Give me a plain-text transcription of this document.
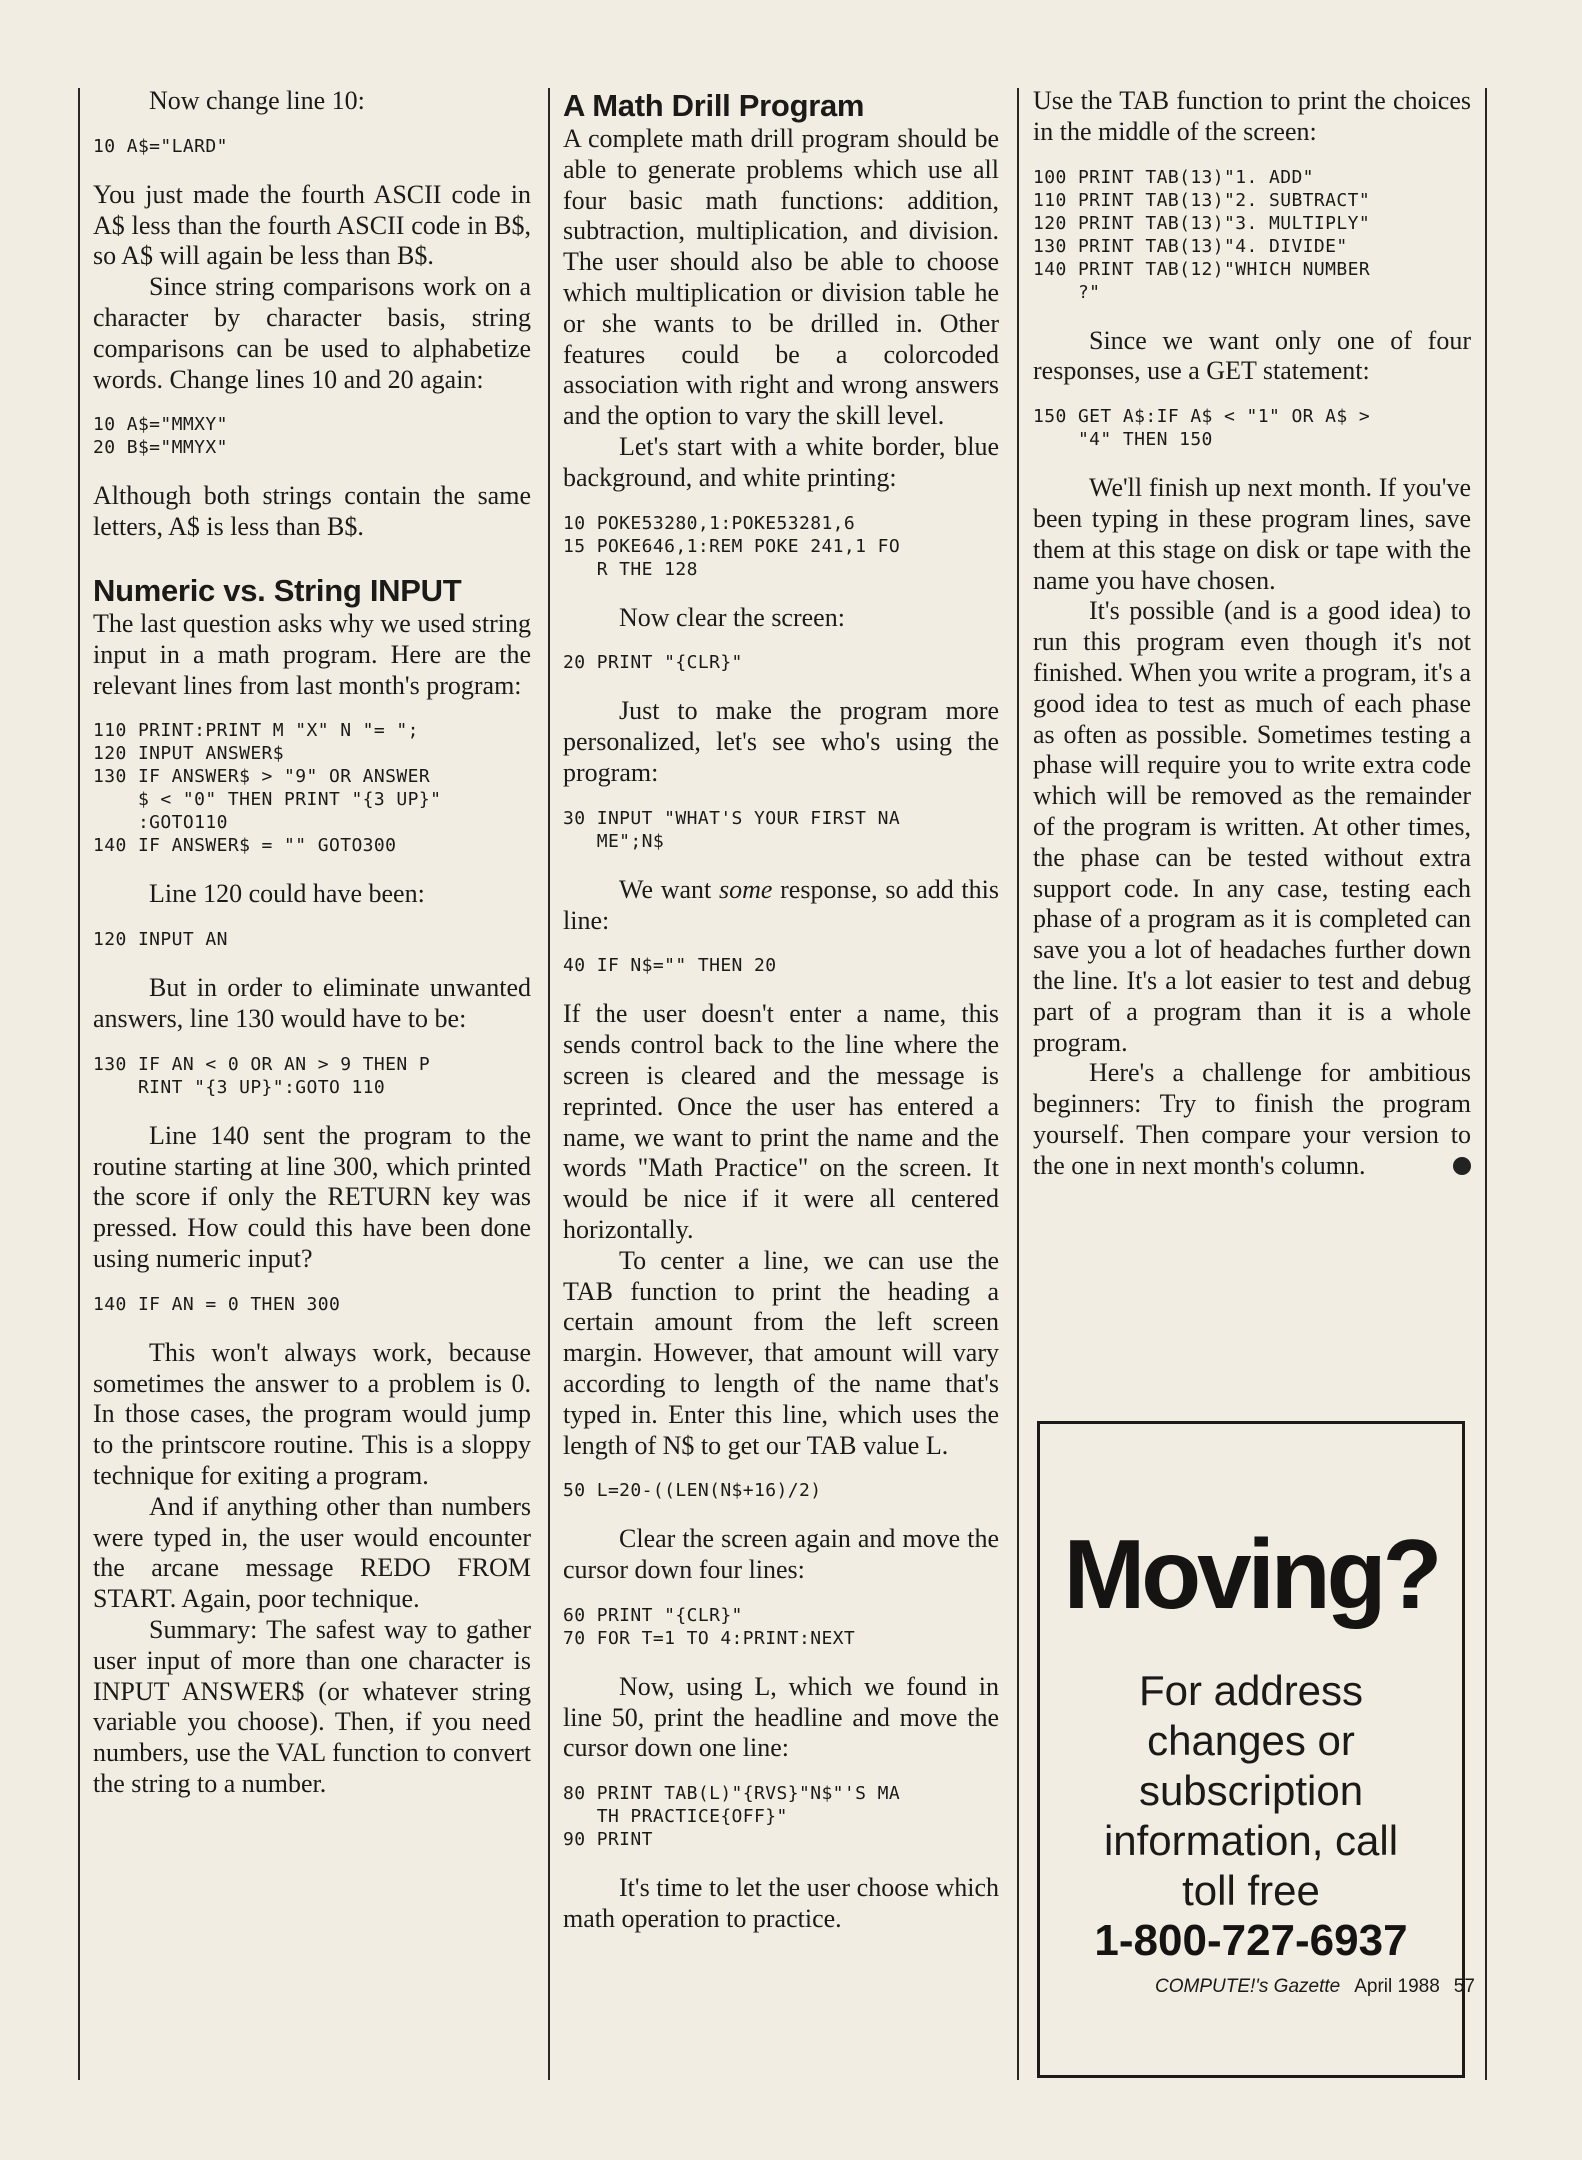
Now change line 10:

10 A$="LARD"

You just made the fourth ASCII code in A$ less than the fourth ASCII code in B$, so A$ will again be less than B$.

Since string comparisons work on a character by character basis, string comparisons can be used to alphabetize words. Change lines 10 and 20 again:

10 A$="MMXY"
20 B$="MMYX"

Although both strings contain the same letters, A$ is less than B$.

Numeric vs. String INPUT

The last question asks why we used string input in a math program. Here are the relevant lines from last month's program:

110 PRINT:PRINT M "X" N "= ";
120 INPUT ANSWER$
130 IF ANSWER$ > "9" OR ANSWER
$ < "0" THEN PRINT "{3 UP}"
:GOTO110
140 IF ANSWER$ = "" GOTO300

Line 120 could have been:

120 INPUT AN

But in order to eliminate unwanted answers, line 130 would have to be:

130 IF AN < 0 OR AN > 9 THEN P
RINT "{3 UP}":GOTO 110

Line 140 sent the program to the routine starting at line 300, which printed the score if only the RETURN key was pressed. How could this have been done using numeric input?

140 IF AN = 0 THEN 300

This won't always work, because sometimes the answer to a problem is 0. In those cases, the program would jump to the printscore routine. This is a sloppy technique for exiting a program.

And if anything other than numbers were typed in, the user would encounter the arcane message REDO FROM START. Again, poor technique.

Summary: The safest way to gather user input of more than one character is INPUT ANSWER$ (or whatever string variable you choose). Then, if you need numbers, use the VAL function to convert the string to a number.

A Math Drill Program

A complete math drill program should be able to generate problems which use all four basic math functions: addition, subtraction, multiplication, and division. The user should also be able to choose which multiplication or division table he or she wants to be drilled in. Other features could be a colorcoded association with right and wrong answers and the option to vary the skill level.

Let's start with a white border, blue background, and white printing:

10 POKE53280,1:POKE53281,6
15 POKE646,1:REM POKE 241,1 FO
R THE 128

Now clear the screen:

20 PRINT "{CLR}"

Just to make the program more personalized, let's see who's using the program:

30 INPUT "WHAT'S YOUR FIRST NA
ME";N$

We want some response, so add this line:

40 IF N$="" THEN 20

If the user doesn't enter a name, this sends control back to the line where the screen is cleared and the message is reprinted. Once the user has entered a name, we want to print the name and the words "Math Practice" on the screen. It would be nice if it were all centered horizontally.

To center a line, we can use the TAB function to print the heading a certain amount from the left screen margin. However, that amount will vary according to length of the name that's typed in. Enter this line, which uses the length of N$ to get our TAB value L.

50 L=20-((LEN(N$+16)/2)

Clear the screen again and move the cursor down four lines:

60 PRINT "{CLR}"
70 FOR T=1 TO 4:PRINT:NEXT

Now, using L, which we found in line 50, print the headline and move the cursor down one line:

80 PRINT TAB(L)"{RVS}"N$"'S MA
TH PRACTICE{OFF}"
90 PRINT

It's time to let the user choose which math operation to practice.

Use the TAB function to print the choices in the middle of the screen:

100 PRINT TAB(13)"1. ADD"
110 PRINT TAB(13)"2. SUBTRACT"
120 PRINT TAB(13)"3. MULTIPLY"
130 PRINT TAB(13)"4. DIVIDE"
140 PRINT TAB(12)"WHICH NUMBER
?"

Since we want only one of four responses, use a GET statement:

150 GET A$:IF A$ < "1" OR A$ >
"4" THEN 150

We'll finish up next month. If you've been typing in these program lines, save them at this stage on disk or tape with the name you have chosen.

It's possible (and is a good idea) to run this program even though it's not finished. When you write a program, it's a good idea to test as much of each phase as often as possible. Sometimes testing a phase will require you to write extra code which will be removed as the remainder of the program is written. At other times, the phase can be tested without extra support code. In any case, testing each phase of a program as it is completed can save you a lot of headaches further down the line. It's a lot easier to test and debug part of a program than it is a whole program.

Here's a challenge for ambitious beginners: Try to finish the program yourself. Then compare your version to the one in next month's column.

Moving?
For address changes or subscription information, call toll free
1-800-727-6937
COMPUTE!'s Gazette April 1988 57
